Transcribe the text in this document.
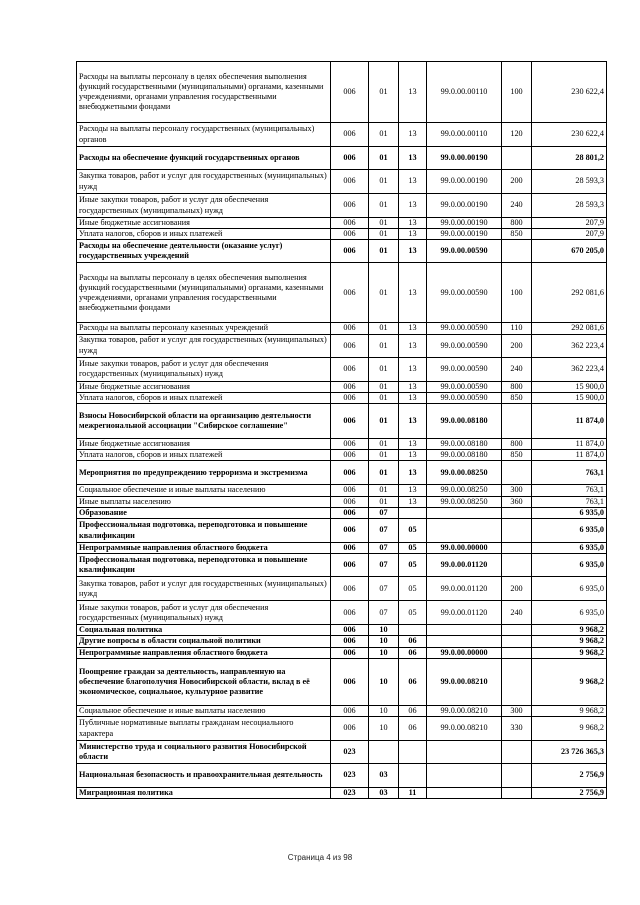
Расходы на выплаты персоналу в целях обеспечения выполнения функций государственными (муниципальными) органами, казенными учреждениями, органами управления государственными внебюджетными фондами	006	01	13	99.0.00.00110	100	230 622,4
Расходы на выплаты персоналу государственных (муниципальных) органов	006	01	13	99.0.00.00110	120	230 622,4
Расходы на обеспечение функций государственных органов	006	01	13	99.0.00.00190		28 801,2
Закупка товаров, работ и услуг для государственных (муниципальных) нужд	006	01	13	99.0.00.00190	200	28 593,3
Иные закупки товаров, работ и услуг для обеспечения государственных (муниципальных) нужд	006	01	13	99.0.00.00190	240	28 593,3
Иные бюджетные ассигнования	006	01	13	99.0.00.00190	800	207,9
Уплата налогов, сборов и иных платежей	006	01	13	99.0.00.00190	850	207,9
Расходы на обеспечение деятельности (оказание услуг) государственных учреждений	006	01	13	99.0.00.00590		670 205,0
Расходы на выплаты персоналу в целях обеспечения выполнения функций государственными (муниципальными) органами, казенными учреждениями, органами управления государственными внебюджетными фондами	006	01	13	99.0.00.00590	100	292 081,6
Расходы на выплаты персоналу казенных учреждений	006	01	13	99.0.00.00590	110	292 081,6
Закупка товаров, работ и услуг для государственных (муниципальных) нужд	006	01	13	99.0.00.00590	200	362 223,4
Иные закупки товаров, работ и услуг для обеспечения государственных (муниципальных) нужд	006	01	13	99.0.00.00590	240	362 223,4
Иные бюджетные ассигнования	006	01	13	99.0.00.00590	800	15 900,0
Уплата налогов, сборов и иных платежей	006	01	13	99.0.00.00590	850	15 900,0
Взносы Новосибирской области на организацию деятельности межрегиональной ассоциации "Сибирское соглашение"	006	01	13	99.0.00.08180		11 874,0
Иные бюджетные ассигнования	006	01	13	99.0.00.08180	800	11 874,0
Уплата налогов, сборов и иных платежей	006	01	13	99.0.00.08180	850	11 874,0
Мероприятия по предупреждению терроризма и экстремизма	006	01	13	99.0.00.08250		763,1
Социальное обеспечение и иные выплаты населению	006	01	13	99.0.00.08250	300	763,1
Иные выплаты населению	006	01	13	99.0.00.08250	360	763,1
Образование	006	07				6 935,0
Профессиональная подготовка, переподготовка и повышение квалификации	006	07	05			6 935,0
Непрограммные направления областного бюджета	006	07	05	99.0.00.00000		6 935,0
Профессиональная подготовка, переподготовка и повышение квалификации	006	07	05	99.0.00.01120		6 935,0
Закупка товаров, работ и услуг для государственных (муниципальных) нужд	006	07	05	99.0.00.01120	200	6 935,0
Иные закупки товаров, работ и услуг для обеспечения государственных (муниципальных) нужд	006	07	05	99.0.00.01120	240	6 935,0
Социальная политика	006	10				9 968,2
Другие вопросы в области социальной политики	006	10	06			9 968,2
Непрограммные направления областного бюджета	006	10	06	99.0.00.00000		9 968,2
Поощрение граждан за деятельность, направленную на обеспечение благополучия Новосибирской области, вклад в её экономическое, социальное, культурное развитие	006	10	06	99.0.00.08210		9 968,2
Социальное обеспечение и иные выплаты населению	006	10	06	99.0.00.08210	300	9 968,2
Публичные нормативные выплаты гражданам несоциального характера	006	10	06	99.0.00.08210	330	9 968,2
Министерство труда и социального развития Новосибирской области	023					23 726 365,3
Национальная безопасность и правоохранительная деятельность	023	03				2 756,9
Миграционная политика	023	03	11			2 756,9
Страница 4 из 98
